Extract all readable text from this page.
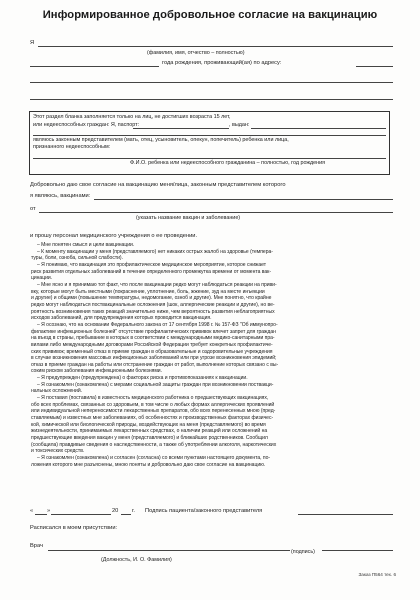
Информированное добровольное согласие на вакцинацию
Я
(фамилия, имя, отчество – полностью)
года рождения, проживающий(ая) по адресу:
Этот раздел бланка заполняется только на лиц, не достигших возраста 15 лет,
или недееспособных граждан: Я, паспорт:	, выдан:
являюсь законным представителем (мать, отец, усыновитель, опекун, попечитель) ребенка или лица,
признанного недееспособным:
Ф.И.О. ребенка или недееспособного гражданина – полностью, год рождения
Добровольно даю свое согласие на вакцинацию меня/лица, законным представителем которого
я являюсь, вакцинами:
от
(указать название вакцин и заболевание)
и прошу персонал медицинского учреждения о ее проведении.

– Мне понятен смысл и цели вакцинации.

– К моменту вакцинации у меня (представляемого) нет никаких острых жалоб на здоровье (темпера-

туры, боли, озноба, сильной слабости).

– Я понимаю, что вакцинация это профилактическое медицинское мероприятие, которое снижает

риск развития отдельных заболеваний в течение определенного промежутка времени от момента вак-

цинации.

– Мне ясно и я принимаю тот факт, что после вакцинации редко могут наблюдаться реакции на приви-

вку, которые могут быть местными (покраснение, уплотнение, боль, жжение, зуд на месте инъекции

и другие) и общими (повышение температуры, недомогание, озноб и другие). Мне понятно, что крайне

редко могут наблюдаться поствакцинальные осложнения (шок, аллергические реакции и другие), но ве-

роятность возникновения таких реакций значительно ниже, чем вероятность развития неблагоприятных

исходов заболеваний, для предупреждения которых проводится вакцинация.

– Я осознаю, что на основании Федерального закона от 17 сентября 1998 г. № 157-ФЗ "Об иммунопро-

филактике инфекционных болезней" отсутствие профилактических прививок влечет запрет для граждан

на въезд в страны, пребывание в которых в соответствии с международными медико-санитарными пра-

вилами либо международными договорами Российской Федерации требует конкретных профилактиче-

ских прививок; временный отказ в приеме граждан в образовательные и оздоровительные учреждения

в случае возникновения массовых инфекционных заболеваний или при угрозе возникновения эпидемий;

отказ в приеме граждан на работы или отстранение граждан от работ, выполнение которых связано с вы-

соким риском заболевания инфекционными болезнями.

– Я предупрежден (предупреждена) о факторах риска и противопоказаниях к вакцинации.

– Я ознакомлен (ознакомлена) с мерами социальной защиты граждан при возникновении поствакци-

нальных осложнений.

– Я поставил (поставила) в известность медицинского работника о предшествующих вакцинациях,

обо всех проблемах, связанных со здоровьем, в том числе о любых формах аллергических проявлений

или индивидуальной непереносимости лекарственных препаратов, обо всех перенесенных мною (пред-

ставляемым) и известных мне заболеваниях, об особенностях и производственных факторах физичес-

кой, химической или биологической природы, воздействующих на меня (представляемого) во время

жизнедеятельности, принимаемых лекарственных средствах, о наличии реакций или осложнений на

предшествующие введения вакцин у меня (представляемого) и ближайших родственников. Сообщил

(сообщила) правдивые сведения о наследственности, а также об употреблении алкоголя, наркотических

и токсических средств.

– Я ознакомлен (ознакомлена) и согласен (согласна) со всеми пунктами настоящего документа, по-

ложения которого мне разъяснены, мною поняты и добровольно даю свое согласие на вакцинацию.

« »	20 г. Подпись пациента/законного представителя
Расписался в моем присутствии:
Врач
(подпись)
(Должность, И. О. Фамилия)
Заказ П564 тех. 6
